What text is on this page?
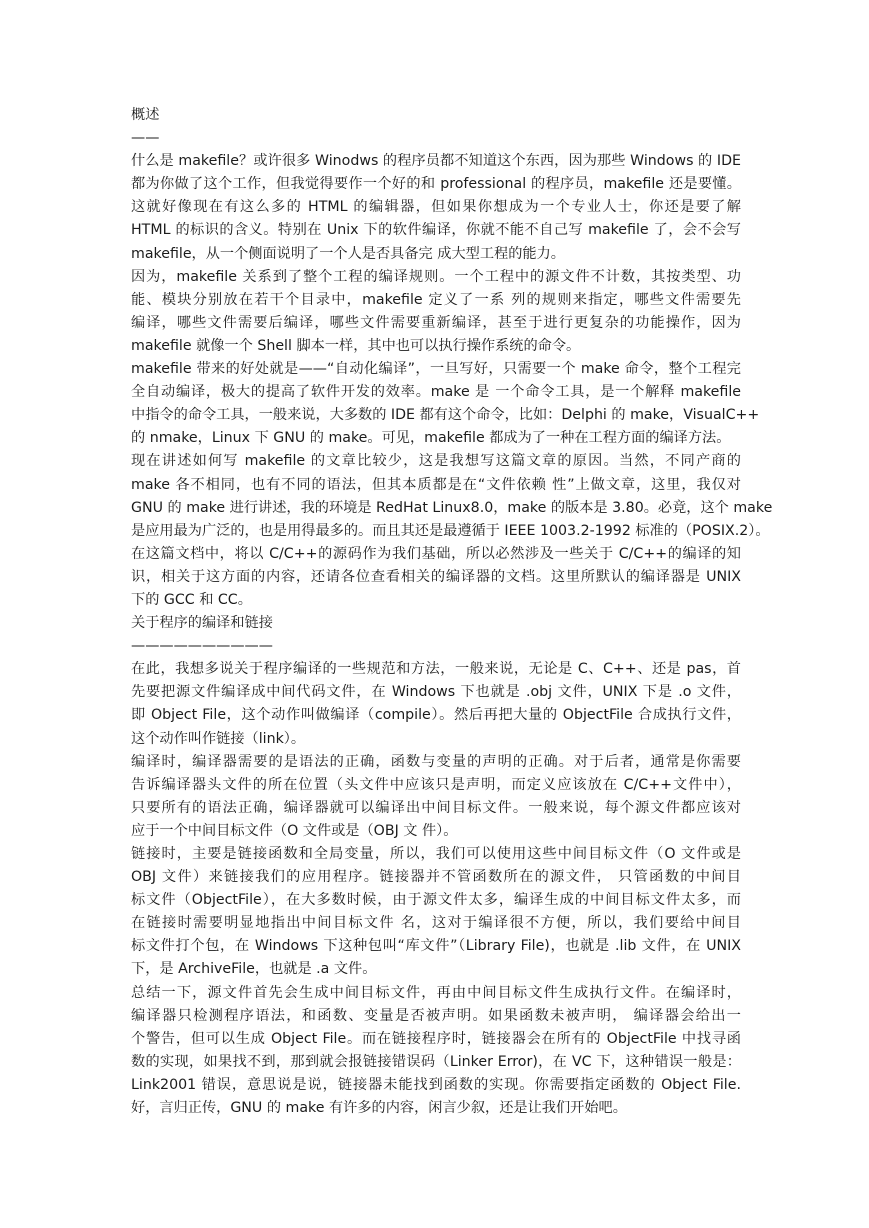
概述
——
什么是 makefile？或许很多 Winodws 的程序员都不知道这个东西，因为那些 Windows 的 IDE
都为你做了这个工作，但我觉得要作一个好的和 professional 的程序员，makefile 还是要懂。
这就好像现在有这么多的 HTML 的编辑器，但如果你想成为一个专业人士，你还是要了解
HTML 的标识的含义。特别在 Unix 下的软件编译，你就不能不自己写 makefile 了，会不会写
makefile，从一个侧面说明了一个人是否具备完 成大型工程的能力。
因为，makefile 关系到了整个工程的编译规则。一个工程中的源文件不计数，其按类型、功
能、模块分别放在若干个目录中，makefile 定义了一系 列的规则来指定，哪些文件需要先
编译，哪些文件需要后编译，哪些文件需要重新编译，甚至于进行更复杂的功能操作，因为
makefile 就像一个 Shell 脚本一样，其中也可以执行操作系统的命令。
makefile 带来的好处就是——“自动化编译”，一旦写好，只需要一个 make 命令，整个工程完
全自动编译，极大的提高了软件开发的效率。make 是 一个命令工具，是一个解释 makefile
中指令的命令工具，一般来说，大多数的 IDE 都有这个命令，比如：Delphi 的 make，VisualC++
的 nmake，Linux 下 GNU 的 make。可见，makefile 都成为了一种在工程方面的编译方法。
现在讲述如何写 makefile 的文章比较少，这是我想写这篇文章的原因。当然，不同产商的
make 各不相同，也有不同的语法，但其本质都是在“文件依赖 性”上做文章，这里，我仅对
GNU 的 make 进行讲述，我的环境是 RedHat Linux8.0，make 的版本是 3.80。必竟，这个 make
是应用最为广泛的，也是用得最多的。而且其还是最遵循于 IEEE 1003.2-1992 标准的（POSIX.2）。
在这篇文档中，将以 C/C++的源码作为我们基础，所以必然涉及一些关于 C/C++的编译的知
识，相关于这方面的内容，还请各位查看相关的编译器的文档。这里所默认的编译器是 UNIX
下的 GCC 和 CC。
关于程序的编译和链接
——————————
在此，我想多说关于程序编译的一些规范和方法，一般来说，无论是 C、C++、还是 pas，首
先要把源文件编译成中间代码文件，在 Windows 下也就是 .obj 文件，UNIX 下是 .o 文件，
即 Object File，这个动作叫做编译（compile）。然后再把大量的 ObjectFile 合成执行文件，
这个动作叫作链接（link）。
编译时，编译器需要的是语法的正确，函数与变量的声明的正确。对于后者，通常是你需要
告诉编译器头文件的所在位置（头文件中应该只是声明，而定义应该放在 C/C++文件中），
只要所有的语法正确，编译器就可以编译出中间目标文件。一般来说，每个源文件都应该对
应于一个中间目标文件（O 文件或是（OBJ 文 件）。
链接时，主要是链接函数和全局变量，所以，我们可以使用这些中间目标文件（O 文件或是
OBJ 文件）来链接我们的应用程序。链接器并不管函数所在的源文件， 只管函数的中间目
标文件（ObjectFile），在大多数时候，由于源文件太多，编译生成的中间目标文件太多，而
在链接时需要明显地指出中间目标文件 名，这对于编译很不方便，所以，我们要给中间目
标文件打个包，在 Windows 下这种包叫“库文件”（Library File)，也就是 .lib 文件，在 UNIX
下，是 ArchiveFile，也就是 .a 文件。
总结一下，源文件首先会生成中间目标文件，再由中间目标文件生成执行文件。在编译时，
编译器只检测程序语法，和函数、变量是否被声明。如果函数未被声明， 编译器会给出一
个警告，但可以生成 Object File。而在链接程序时，链接器会在所有的 ObjectFile 中找寻函
数的实现，如果找不到，那到就会报链接错误码（Linker Error)，在 VC 下，这种错误一般是：
Link2001 错误，意思说是说，链接器未能找到函数的实现。你需要指定函数的 Object File.
好，言归正传，GNU 的 make 有许多的内容，闲言少叙，还是让我们开始吧。
